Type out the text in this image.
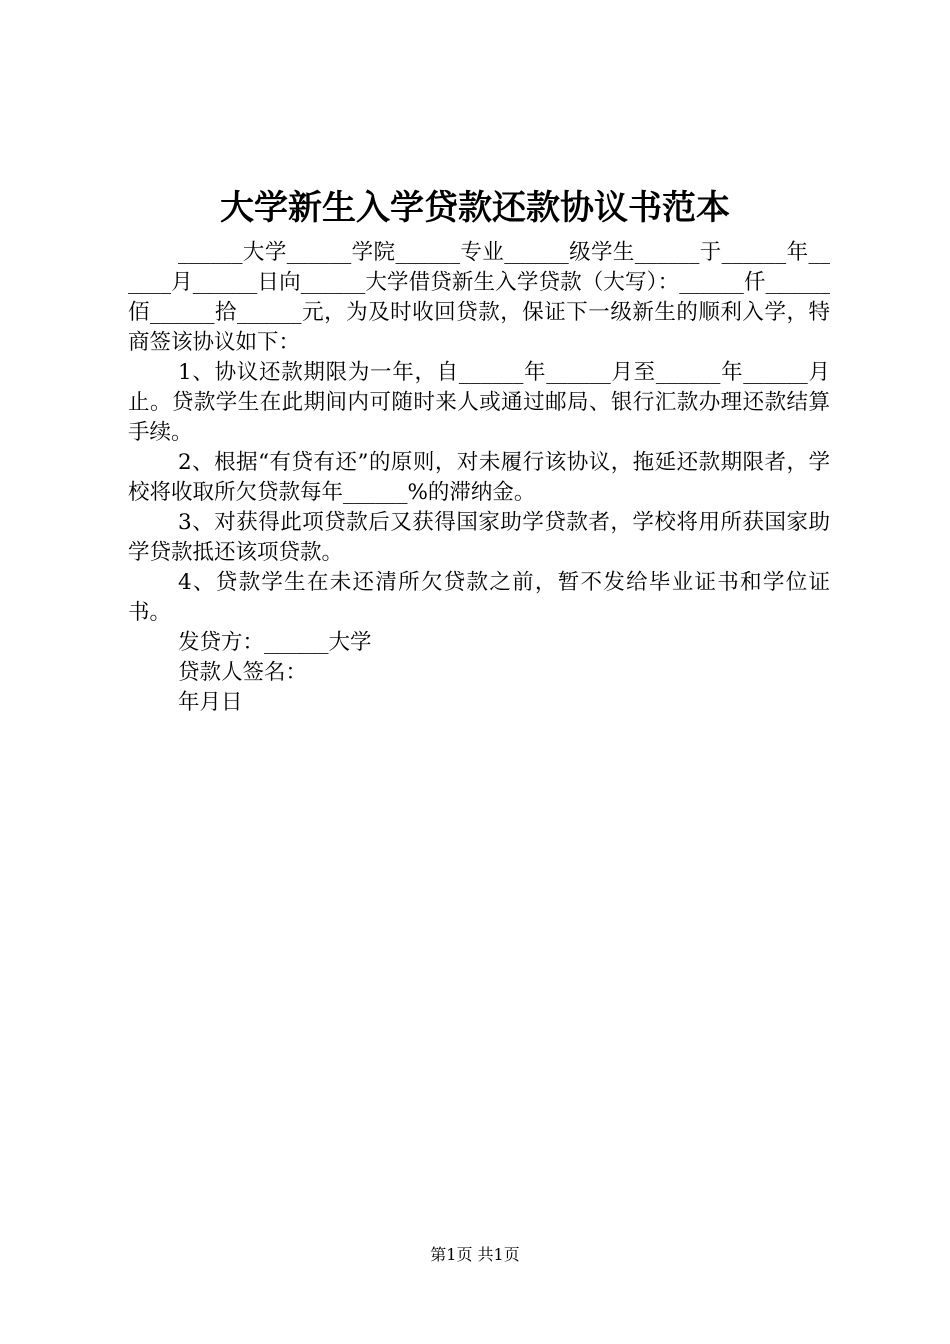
大学新生入学贷款还款协议书范本

______大学______学院______专业______级学生______于______年______月______日向______大学借贷新生入学贷款（大写）：______仟______佰______拾______元，为及时收回贷款，保证下一级新生的顺利入学，特商签该协议如下：

1、协议还款期限为一年，自______年______月至______年______月止。贷款学生在此期间内可随时来人或通过邮局、银行汇款办理还款结算手续。

2、根据“有贷有还”的原则，对未履行该协议，拖延还款期限者，学校将收取所欠贷款每年______%的滞纳金。

3、对获得此项贷款后又获得国家助学贷款者，学校将用所获国家助学贷款抵还该项贷款。

4、贷款学生在未还清所欠贷款之前，暂不发给毕业证书和学位证书。

发贷方：______大学

贷款人签名：

年月日

第1页 共1页
